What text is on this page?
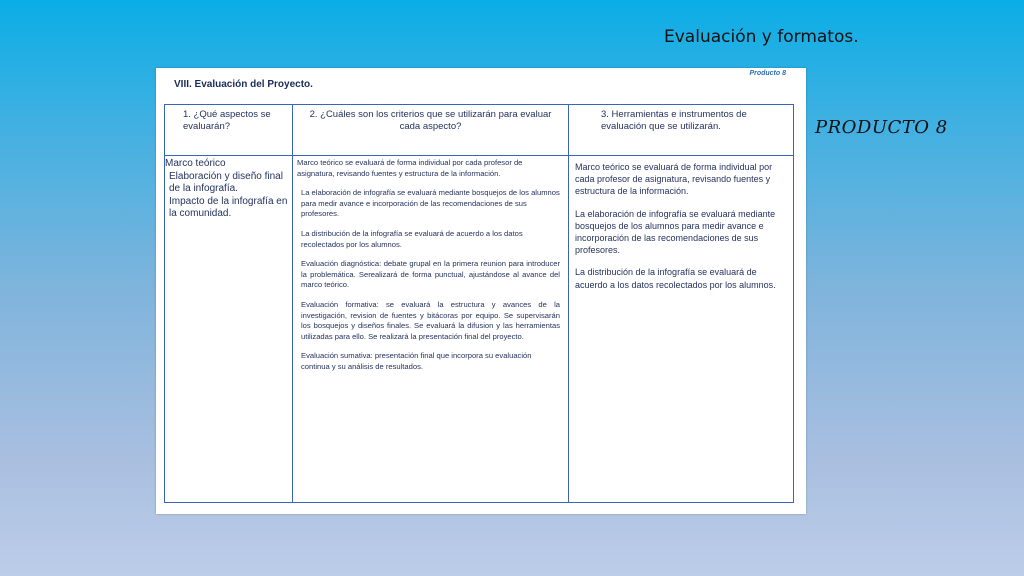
Evaluación y formatos.
PRODUCTO 8
Producto 8
VIII. Evaluación del Proyecto.
1. ¿Qué aspectos se evaluarán?
2. ¿Cuáles son los criterios que se utilizarán para evaluar cada aspecto?
3. Herramientas e instrumentos de evaluación que se utilizarán.
Marco teórico
Elaboración y diseño final de la infografía.
Impacto de la infografía en la comunidad.

Marco teórico se evaluará de forma individual por cada profesor de asignatura, revisando fuentes y estructura de la información.

La elaboración de infografía se evaluará mediante bosquejos de los alumnos para medir avance e incorporación de las recomendaciones de sus profesores.

La distribución de la infografía se evaluará de acuerdo a los datos recolectados por los alumnos.

Evaluación diagnóstica: debate grupal en la primera reunion para introducer la problemática. Serealizará de forma punctual, ajustándose al avance del marco teórico.

Evaluación formativa: se evaluará la estructura y avances de la investigación, revision de fuentes y bitácoras por equipo. Se supervisarán los bosquejos y diseños finales. Se evaluará la difusion y las herramientas utilizadas para ello. Se realizará la presentación final del proyecto.

Evaluación sumativa: presentación final que incorpora su evaluación continua y su análisis de resultados.

Marco teórico se evaluará de forma individual por cada profesor de asignatura, revisando fuentes y estructura de la información.

La elaboración de infografía se evaluará mediante bosquejos de los alumnos para medir avance e incorporación de las recomendaciones de sus profesores.

La distribución de la infografía se evaluará de acuerdo a los datos recolectados por los alumnos.
